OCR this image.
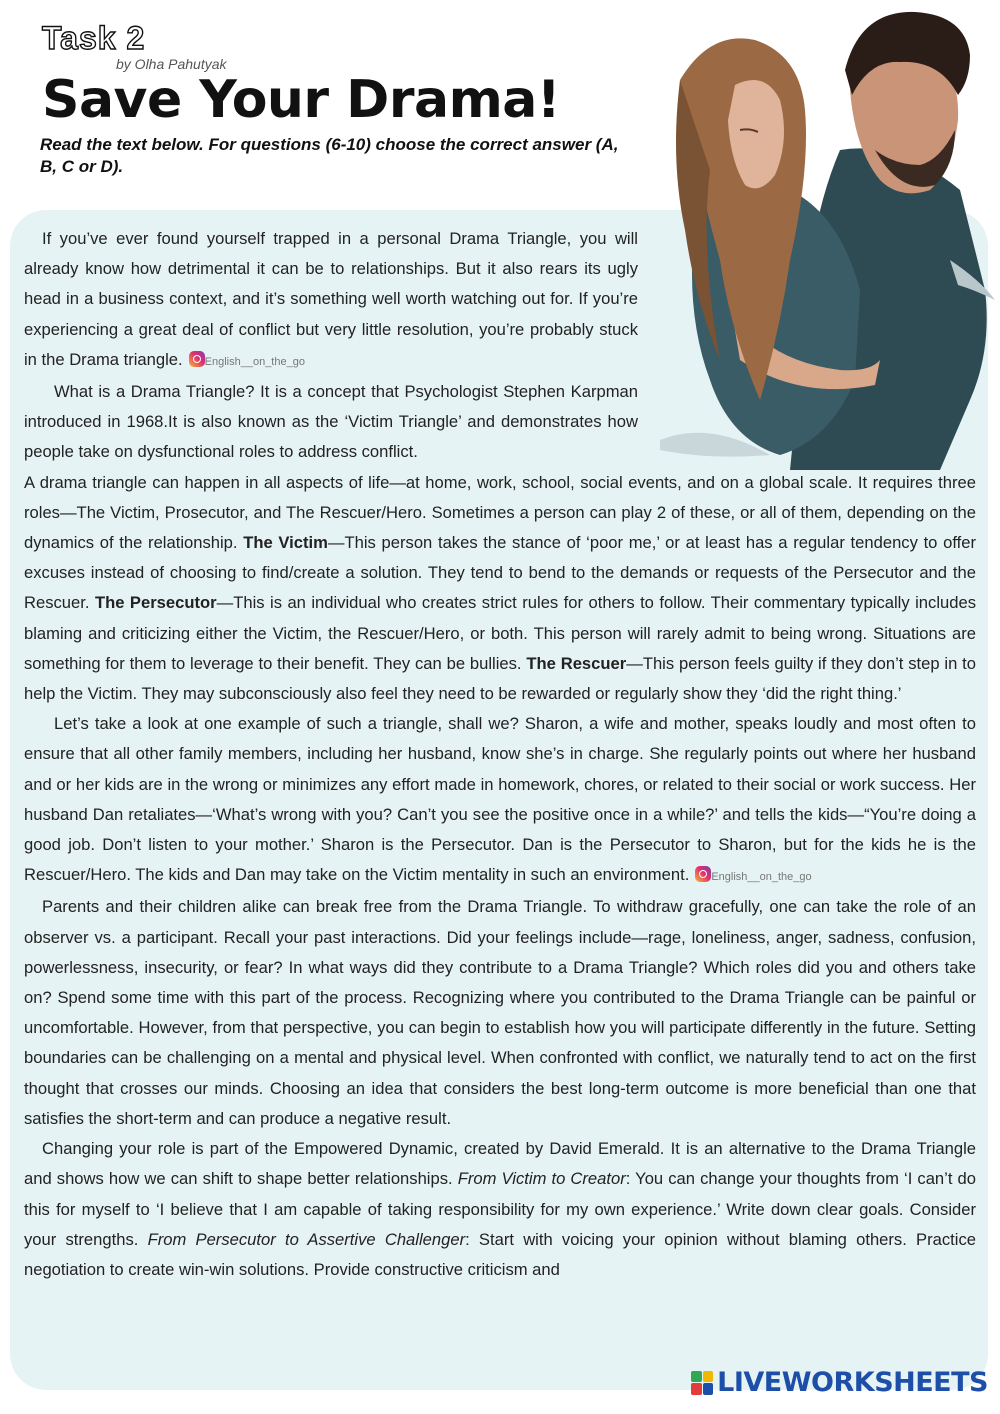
Task 2
by Olha Pahutyak
Save Your Drama!
Read the text below. For questions (6-10) choose the correct answer (A, B, C or D).

If you’ve ever found yourself trapped in a personal Drama Triangle, you will already know how detrimental it can be to relationships. But it also rears its ugly head in a business context, and it’s something well worth watching out for. If you’re experiencing a great deal of conflict but very little resolution, you’re probably stuck in the Drama triangle. English__on_the_go

What is a Drama Triangle? It is a concept that Psychologist Stephen Karpman introduced in 1968.It is also known as the ‘Victim Triangle’ and demonstrates how people take on dysfunctional roles to address conflict.

A drama triangle can happen in all aspects of life—at home, work, school, social events, and on a global scale. It requires three roles—The Victim, Prosecutor, and The Rescuer/Hero. Sometimes a person can play 2 of these, or all of them, depending on the dynamics of the relationship. The Victim—This person takes the stance of ‘poor me,’ or at least has a regular tendency to offer excuses instead of choosing to find/create a solution. They tend to bend to the demands or requests of the Persecutor and the Rescuer. The Persecutor—This is an individual who creates strict rules for others to follow. Their commentary typically includes blaming and criticizing either the Victim, the Rescuer/Hero, or both. This person will rarely admit to being wrong. Situations are something for them to leverage to their benefit. They can be bullies. The Rescuer—This person feels guilty if they don’t step in to help the Victim. They may subconsciously also feel they need to be rewarded or regularly show they ‘did the right thing.’

Let’s take a look at one example of such a triangle, shall we? Sharon, a wife and mother, speaks loudly and most often to ensure that all other family members, including her husband, know she’s in charge. She regularly points out where her husband and or her kids are in the wrong or minimizes any effort made in homework, chores, or related to their social or work success. Her husband Dan retaliates—‘What’s wrong with you? Can’t you see the positive once in a while?’ and tells the kids—“You’re doing a good job. Don’t listen to your mother.’ Sharon is the Persecutor. Dan is the Persecutor to Sharon, but for the kids he is the Rescuer/Hero. The kids and Dan may take on the Victim mentality in such an environment. English__on_the_go

Parents and their children alike can break free from the Drama Triangle. To withdraw gracefully, one can take the role of an observer vs. a participant. Recall your past interactions. Did your feelings include—rage, loneliness, anger, sadness, confusion, powerlessness, insecurity, or fear? In what ways did they contribute to a Drama Triangle? Which roles did you and others take on? Spend some time with this part of the process. Recognizing where you contributed to the Drama Triangle can be painful or uncomfortable. However, from that perspective, you can begin to establish how you will participate differently in the future. Setting boundaries can be challenging on a mental and physical level. When confronted with conflict, we naturally tend to act on the first thought that crosses our minds. Choosing an idea that considers the best long-term outcome is more beneficial than one that satisfies the short-term and can produce a negative result.

Changing your role is part of the Empowered Dynamic, created by David Emerald. It is an alternative to the Drama Triangle and shows how we can shift to shape better relationships. From Victim to Creator: You can change your thoughts from ‘I can’t do this for myself to ‘I believe that I am capable of taking responsibility for my own experience.’ Write down clear goals. Consider your strengths. From Persecutor to Assertive Challenger: Start with voicing your opinion without blaming others. Practice negotiation to create win-win solutions. Provide constructive criticism and

LIVEWORKSHEETS
